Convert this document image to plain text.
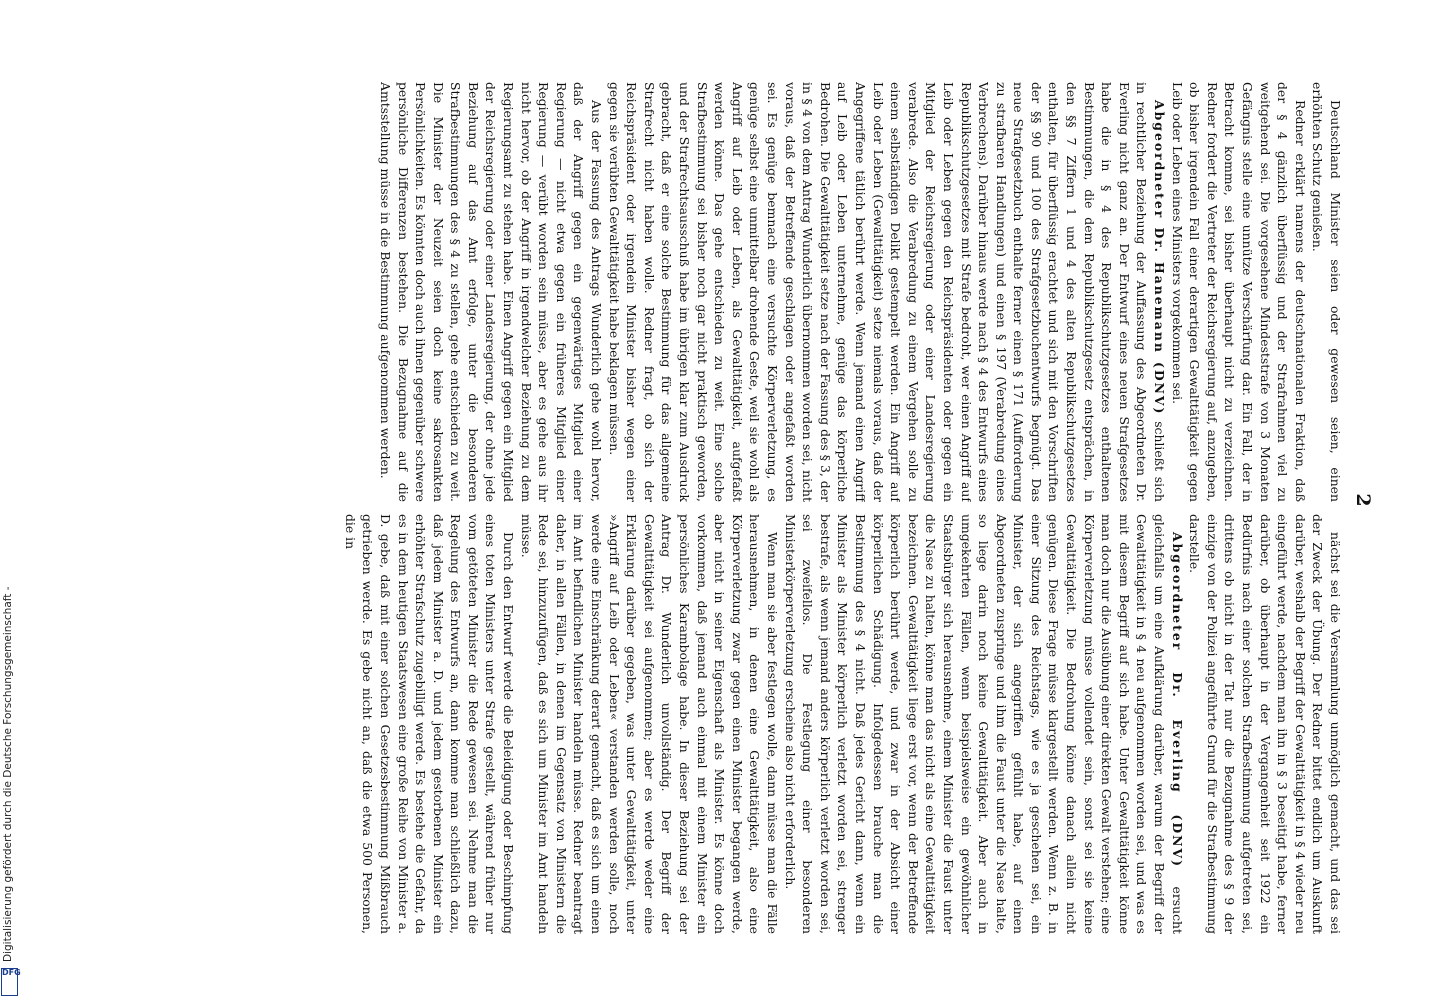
2

Deutschland Minister seien oder gewesen seien, einen erhöhten Schutz genießen.

Redner erklärt namens der deutschnationalen Fraktion, daß der § 4 gänzlich überflüssig und der Strafrahmen viel zu weitgehend sei. Die vorgesehene Mindeststrafe von 3 Monaten Gefängnis stelle eine unnütze Verschärfung dar. Ein Fall, der in Betracht komme, sei bisher überhaupt nicht zu verzeichnen. Redner fordert die Vertreter der Reichsregierung auf, anzugeben, ob bisher irgendein Fall einer derartigen Gewalttätigkeit gegen Leib oder Leben eines Ministers vorgekommen sei.

Abgeordneter Dr. Hanemann (DNV) schließt sich in rechtlicher Beziehung der Auffassung des Abgeordneten Dr. Everling nicht ganz an. Der Entwurf eines neuen Strafgesetzes habe die in § 4 des Republikschutzgesetzes enthaltenen Bestimmungen, die dem Republikschutzgesetz entsprächen, in den §§ 7 Ziffern 1 und 4 des alten Republikschutzgesetzes enthalten, für überflüssig erachtet und sich mit den Vorschriften der §§ 90 und 100 des Strafgesetzbuchentwurfs begnügt. Das neue Strafgesetzbuch enthalte ferner einen § 171 (Aufforderung zu strafbaren Handlungen) und einen § 197 (Verabredung eines Verbrechens). Darüber hinaus werde nach § 4 des Entwurfs eines Republikschutzgesetzes mit Strafe bedroht, wer einen Angriff auf Leib oder Leben gegen den Reichspräsidenten oder gegen ein Mitglied der Reichsregierung oder einer Landesregierung verabrede. Also die Verabredung zu einem Vergehen solle zu einem selbständigen Delikt gestempelt werden. Ein Angriff auf Leib oder Leben (Gewalttätigkeit) setze niemals voraus, daß der Angegriffene tätlich berührt werde. Wenn jemand einen Angriff auf Leib oder Leben unternehme, genüge das körperliche Bedrohen. Die Gewalttätigkeit setze nach der Fassung des § 3, der in § 4 von dem Antrag Wunderlich übernommen worden sei, nicht voraus, daß der Betreffende geschlagen oder angefaßt worden sei. Es genüge bemnach eine versuchte Körperverletzung, es genüge selbst eine unmittelbar drohende Geste, weil sie wohl als Angriff auf Leib oder Leben, als Gewalttätigkeit, aufgefaßt werden könne. Das gehe entschieden zu weit. Eine solche Strafbestimmung sei bisher noch gar nicht praktisch geworden, und der Strafrechtsausschuß habe im übrigen klar zum Ausdruck gebracht, daß er eine solche Bestimmung für das allgemeine Strafrecht nicht haben wolle. Redner fragt, ob sich der Reichspräsident oder irgendein Minister bisher wegen einer gegen sie verübten Gewalttätigkeit habe beklagen müssen.

Aus der Fassung des Antrags Wunderlich gehe wohl hervor, daß der Angriff gegen ein gegenwärtiges Mitglied einer Regierung — nicht etwa gegen ein früheres Mitglied einer Regierung — verübt worden sein müsse, aber es gehe aus ihr nicht hervor, ob der Angriff in irgendwelcher Beziehung zu dem Regierungsamt zu stehen habe. Einen Angriff gegen ein Mitglied der Reichsregierung oder einer Landesregierung, der ohne jede Beziehung auf das Amt erfolge, unter die besonderen Strafbestimmungen des § 4 zu stellen, gehe entschieden zu weit. Die Minister der Neuzeit seien doch keine sakrosankten Persönlichkeiten. Es könnten doch auch ihnen gegenüber schwere persönliche Differenzen bestehen. Die Bezugnahme auf die Amtsstellung müsse in die Bestimmung aufgenommen werden.

nächst sei die Versammlung unmöglich gemacht, und das sei der Zweck der Übung. Der Redner bittet endlich um Auskunft darüber, weshalb der Begriff der Gewalttätigkeit in § 4 wieder neu eingeführt werde, nachdem man ihn in § 3 beseitigt habe, ferner darüber, ob überhaupt in der Vergangenheit seit 1922 ein Bedürfnis nach einer solchen Strafbestimmung aufgetreten sei, drittens ob nicht in der Tat nur die Bezugnahme des § 9 der einzige von der Polizei angeführte Grund für die Strafbestimmung darstelle.

Abgeordneter Dr. Everling (DNV) ersucht gleichfalls um eine Aufklärung darüber, warum der Begriff der Gewalttätigkeit in § 4 neu aufgenommen worden sei, und was es mit diesem Begriff auf sich habe. Unter Gewalttätigkeit könne man doch nur die Ausübung einer direkten Gewalt verstehen; eine Körperverletzung müsse vollendet sein, sonst sei sie keine Gewalttätigkeit. Die Bedrohung könne danach allein nicht genügen. Diese Frage müsse klargestellt werden. Wenn z. B. in einer Sitzung des Reichstags, wie es ja geschehen sei, ein Minister, der sich angegriffen gefühlt habe, auf einen Abgeordneten zuspringe und ihm die Faust unter die Nase halte, so liege darin noch keine Gewalttätigkeit. Aber auch in umgekehrten Fällen, wenn beispielsweise ein gewöhnlicher Staatsbürger sich herausnehme, einem Minister die Faust unter die Nase zu halten, könne man das nicht als eine Gewalttätigkeit bezeichnen. Gewalttätigkeit liege erst vor, wenn der Betreffende körperlich berührt werde, und zwar in der Absicht einer körperlichen Schädigung. Infolgedessen brauche man die Bestimmung des § 4 nicht. Daß jedes Gericht dann, wenn ein Minister als Minister körperlich verletzt worden sei, strenger bestrafe, als wenn jemand anders körperlich verletzt worden sei, sei zweifellos. Die Festlegung einer besonderen Ministerkörperverletzung erscheine also nicht erforderlich.

Wenn man sie aber festlegen wolle, dann müsse man die Fälle herausnehmen, in denen eine Gewalttätigkeit, also eine Körperverletzung zwar gegen einen Minister begangen werde, aber nicht in seiner Eigenschaft als Minister. Es könne doch vorkommen, daß jemand auch einmal mit einem Minister ein persönliches Karambolage habe. In dieser Beziehung sei der Antrag Dr. Wunderlich unvollständig. Der Begriff der Gewalttätigkeit sei aufgenommen; aber es werde weder eine Erklärung darüber gegeben, was unter Gewalttätigkeit, unter »Angriff auf Leib oder Leben« verstanden werden solle, noch werde eine Einschränkung derart gemacht, daß es sich um einen im Amt befindlichen Minister handeln müsse. Redner beantragt daher, in allen Fällen, in denen im Gegensatz von Ministern die Rede sei, hinzuzufügen, daß es sich um Minister im Amt handeln müsse.

Durch den Entwurf werde die Beleidigung oder Beschimpfung eines toten Ministers unter Strafe gestellt, während früher nur vom getöteten Minister die Rede gewesen sei. Nehme man die Regelung des Entwurfs an, dann komme man schließlich dazu, daß jedem Minister a. D. und jedem gestorbenen Minister ein erhöhter Strafschutz zugebilligt werde. Es bestehe die Gefahr, da es in dem heutigen Staatswesen eine große Reihe von Minister a. D. gebe, daß mit einer solchen Gesetzesbestimmung Mißbrauch getrieben werde. Es gebe nicht an, daß die etwa 500 Personen, die in

Digitalisierung gefördert durch die Deutsche Forschungsgemeinschaft -
DFG
